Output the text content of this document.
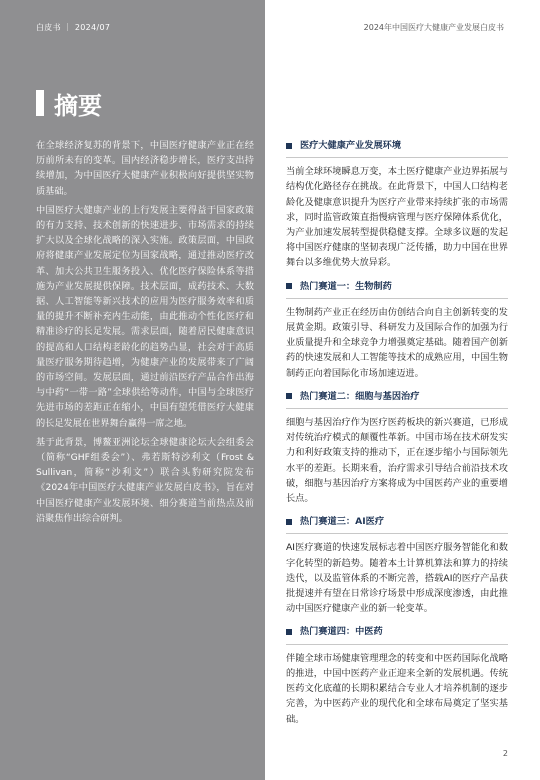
白皮书 ｜ 2024/07	2024年中国医疗大健康产业发展白皮书
摘要

在全球经济复苏的背景下，中国医疗健康产业正在经历前所未有的变革。国内经济稳步增长，医疗支出持续增加，为中国医疗大健康产业积极向好提供坚实物质基础。

中国医疗大健康产业的上行发展主要得益于国家政策的有力支持、技术创新的快速进步、市场需求的持续扩大以及全球化战略的深入实施。政策层面，中国政府将健康产业发展定位为国家战略，通过推动医疗改革、加大公共卫生服务投入、优化医疗保险体系等措施为产业发展提供保障。技术层面，成药技术、大数据、人工智能等新兴技术的应用为医疗服务效率和质量的提升不断补充内生动能，由此推动个性化医疗和精准诊疗的长足发展。需求层面，随着居民健康意识的提高和人口结构老龄化的趋势凸显，社会对于高质量医疗服务期待趋增，为健康产业的发展带来了广阔的市场空间。发展层面，通过前沿医疗产品合作出海与中药“一带一路”全球供给等动作，中国与全球医疗先进市场的差距正在缩小，中国有望凭借医疗大健康的长足发展在世界舞台赢得一席之地。

基于此背景，博鳌亚洲论坛全球健康论坛大会组委会（简称“GHF组委会”）、弗若斯特沙利文（Frost & Sullivan，简称“沙利文”）联合头豹研究院发布《2024年中国医疗大健康产业发展白皮书》，旨在对中国医疗健康产业发展环境、细分赛道当前热点及前沿聚焦作出综合研判。

医疗大健康产业发展环境

当前全球环境瞬息万变，本土医疗健康产业边界拓展与结构优化路径存在挑战。在此背景下，中国人口结构老龄化及健康意识提升为医疗产业带来持续扩张的市场需求，同时监管政策直指慢病管理与医疗保障体系优化，为产业加速发展转型提供稳健支撑。全球多议题的发起将中国医疗健康的坚韧表现广泛传播，助力中国在世界舞台以多维优势大放异彩。

热门赛道一：生物制药

生物制药产业正在经历由仿创结合向自主创新转变的发展黄金期。政策引导、科研发力及国际合作的加强为行业质量提升和全球竞争力增强奠定基础。随着国产创新药的快速发展和人工智能等技术的成熟应用，中国生物制药正向着国际化市场加速迈进。

热门赛道二：细胞与基因治疗

细胞与基因治疗作为医疗医药板块的新兴赛道，已形成对传统治疗模式的颠覆性革新。中国市场在技术研发实力和利好政策支持的推动下，正在逐步缩小与国际领先水平的差距。长期来看，治疗需求引导结合前沿技术攻破，细胞与基因治疗方案将成为中国医药产业的重要增长点。

热门赛道三：AI医疗

AI医疗赛道的快速发展标志着中国医疗服务智能化和数字化转型的新趋势。随着本土计算机算法和算力的持续迭代，以及监管体系的不断完善，搭载AI的医疗产品获批提速并有望在日常诊疗场景中形成深度渗透，由此推动中国医疗健康产业的新一轮变革。

热门赛道四：中医药

伴随全球市场健康管理理念的转变和中医药国际化战略的推进，中国中医药产业正迎来全新的发展机遇。传统医药文化底蕴的长期积累结合专业人才培养机制的逐步完善，为中医药产业的现代化和全球布局奠定了坚实基础。

2
